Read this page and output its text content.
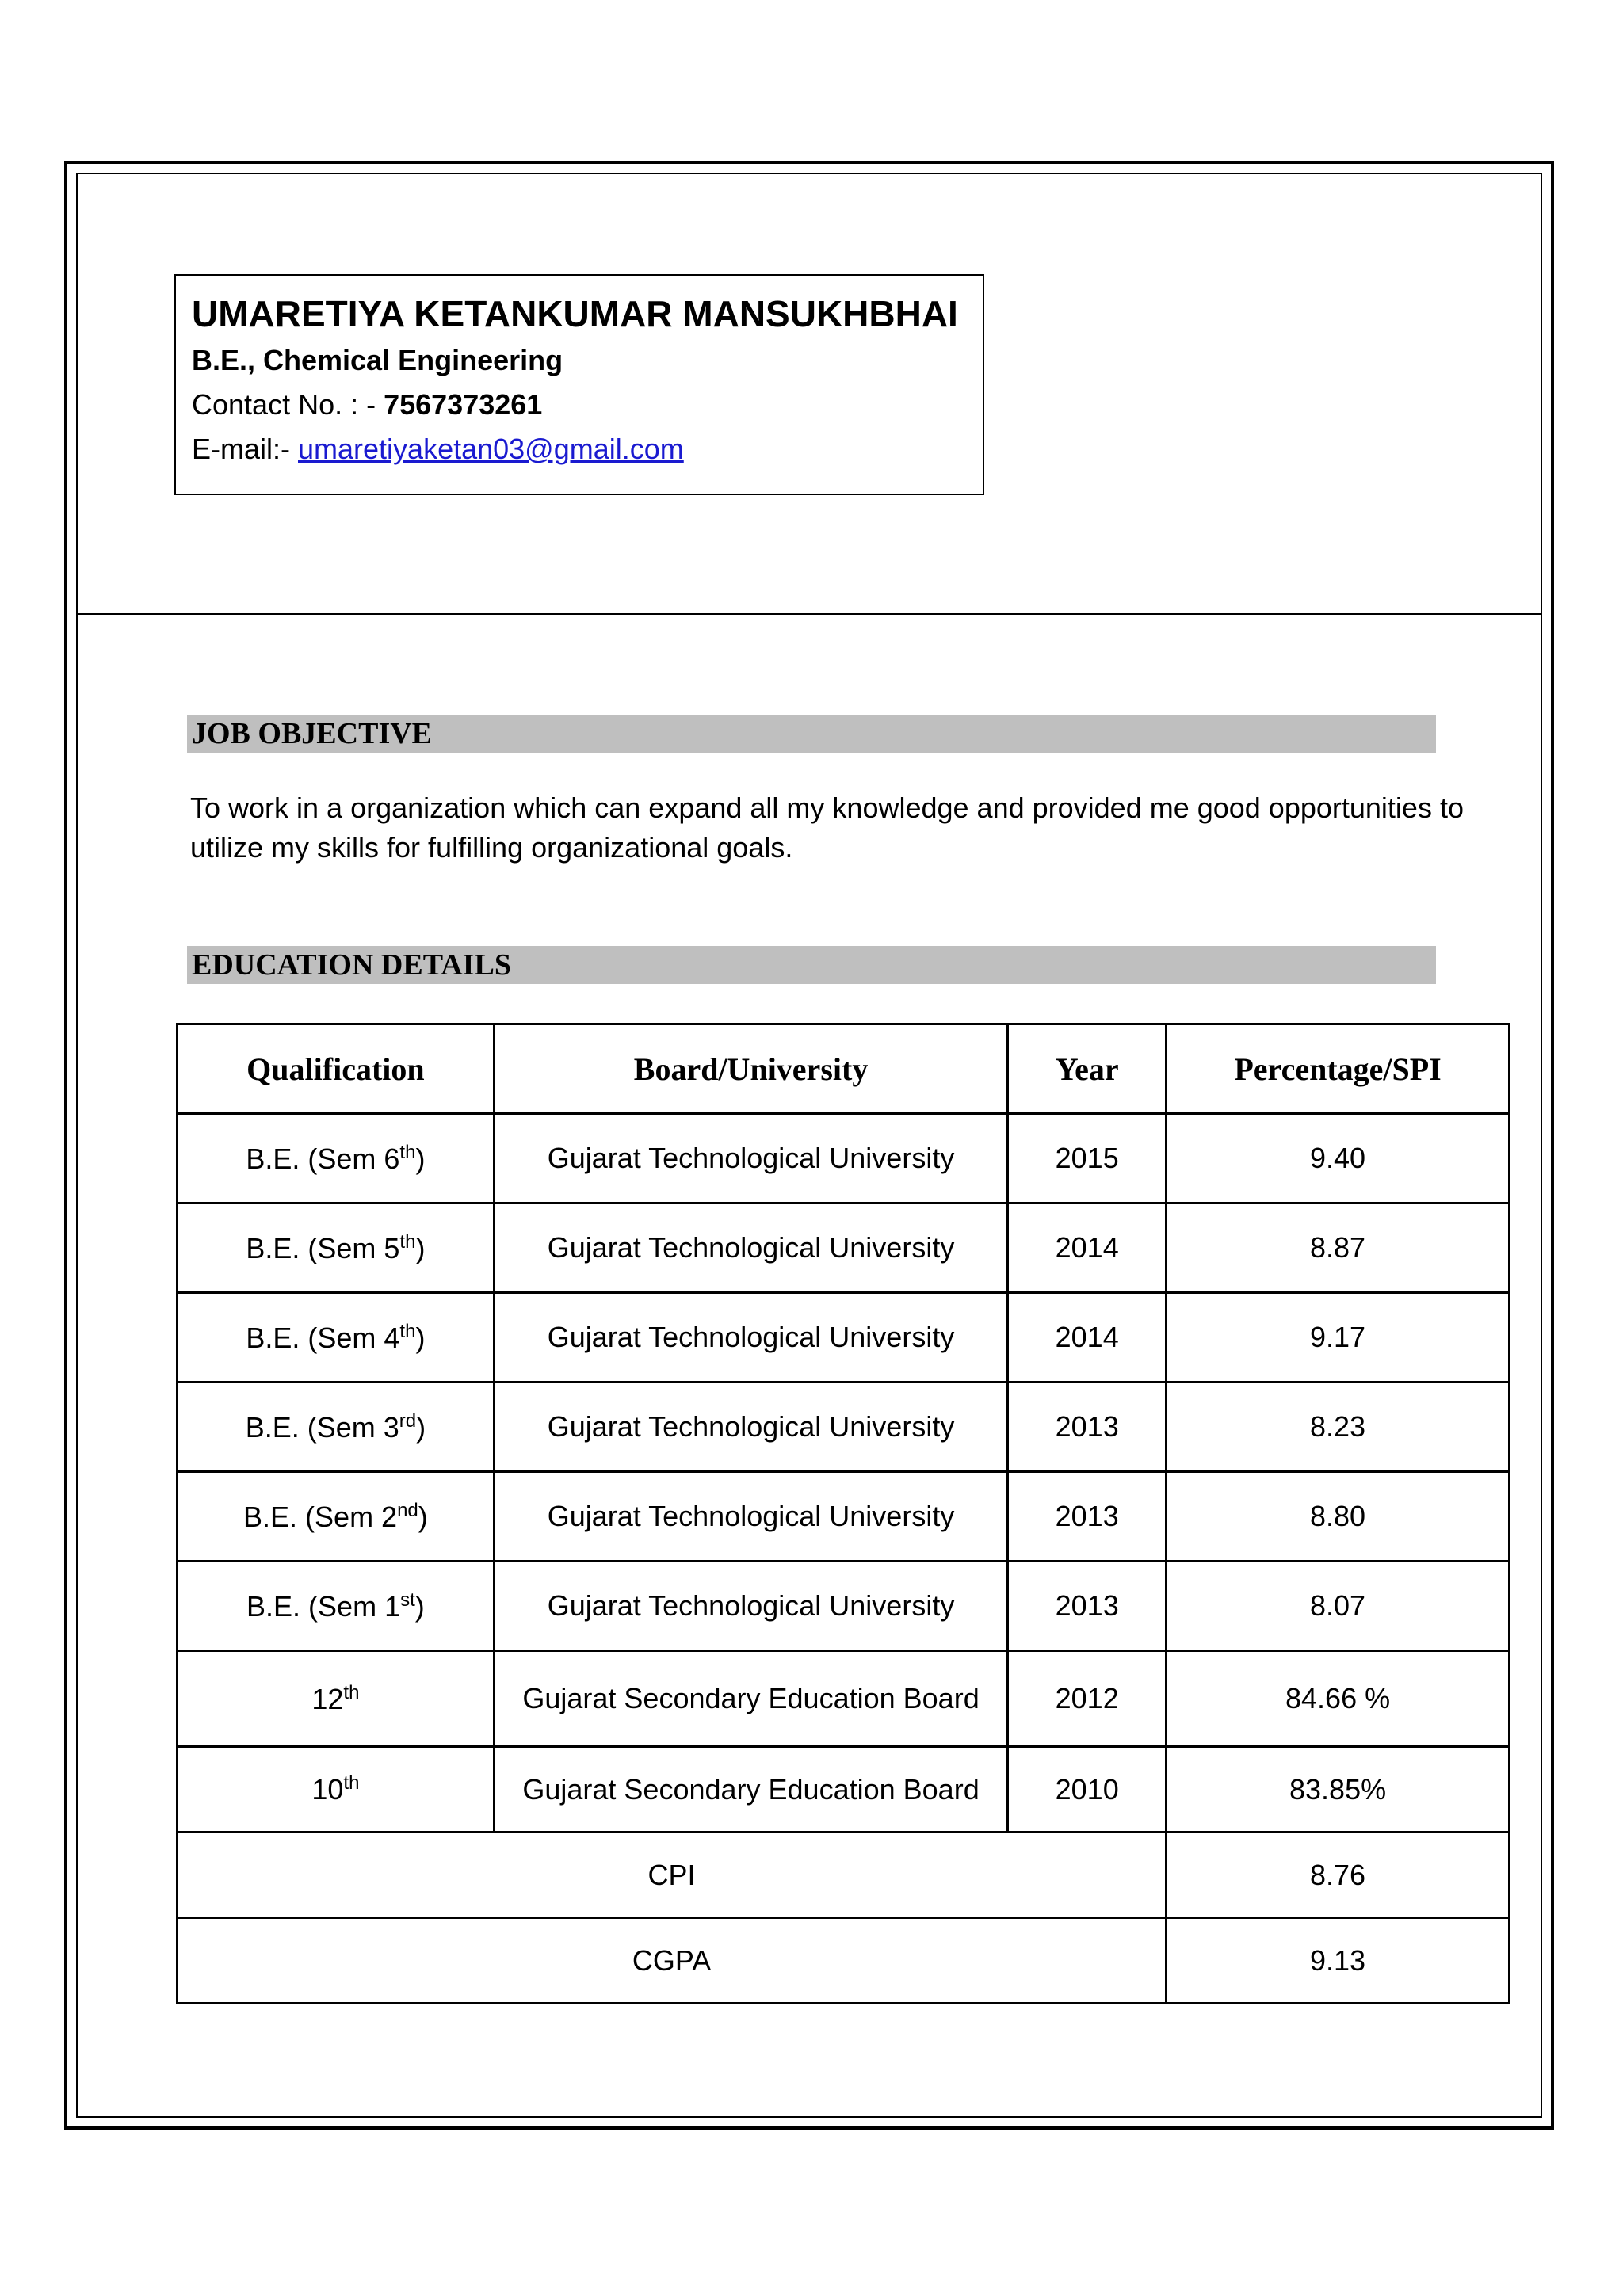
UMARETIYA KETANKUMAR MANSUKHBHAI
B.E., Chemical Engineering
Contact No. : - 7567373261
E-mail:- umaretiyaketan03@gmail.com
JOB OBJECTIVE
To work in a organization which can expand all my knowledge and provided me good opportunities to utilize my skills for fulfilling organizational goals.
EDUCATION DETAILS
Qualification	Board/University	Year	Percentage/SPI
B.E. (Sem 6th)	Gujarat Technological University	2015	9.40
B.E. (Sem 5th)	Gujarat Technological University	2014	8.87
B.E. (Sem 4th)	Gujarat Technological University	2014	9.17
B.E. (Sem 3rd)	Gujarat Technological University	2013	8.23
B.E. (Sem 2nd)	Gujarat Technological University	2013	8.80
B.E. (Sem 1st)	Gujarat Technological University	2013	8.07
12th	Gujarat Secondary Education Board	2012	84.66 %
10th	Gujarat Secondary Education Board	2010	83.85%
CPI			8.76
CGPA			9.13
